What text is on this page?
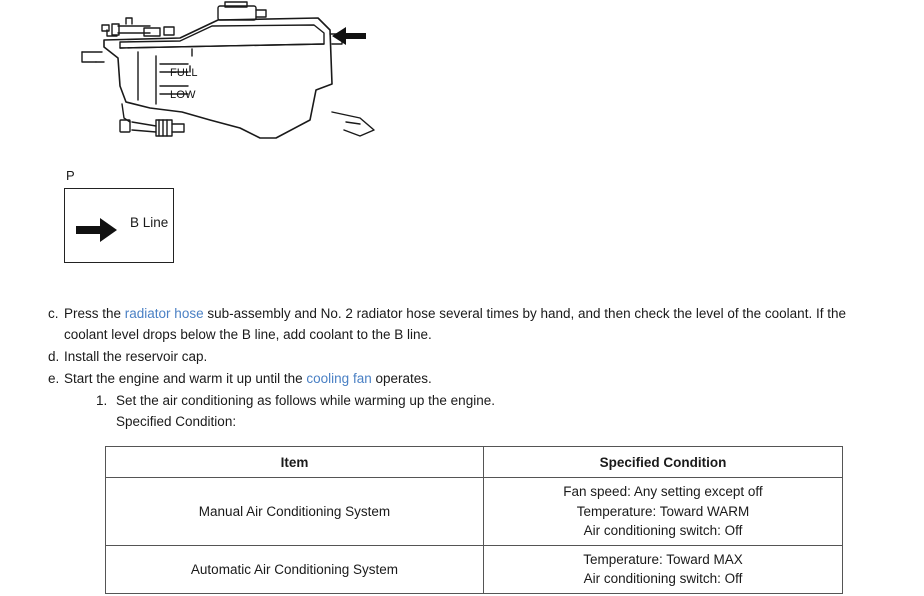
FULL
LOW
P
B Line
c. Press the radiator hose sub-assembly and No. 2 radiator hose several times by hand, and then check the level of the coolant. If the coolant level drops below the B line, add coolant to the B line.
d. Install the reservoir cap.
e. Start the engine and warm it up until the cooling fan operates.
1. Set the air conditioning as follows while warming up the engine.
Specified Condition:
Item	Specified Condition
Manual Air Conditioning System	Fan speed: Any setting except off
Temperature: Toward WARM
Air conditioning switch: Off

Automatic Air Conditioning System	Temperature: Toward MAX
Air conditioning switch: Off
